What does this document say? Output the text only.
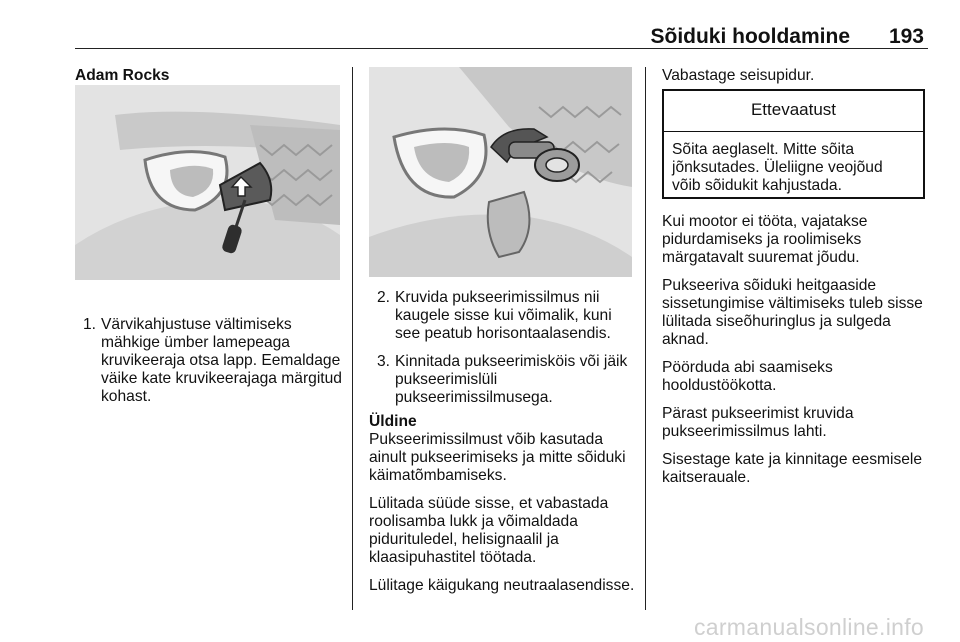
Sõiduki hooldamine 193
Adam Rocks
1. Värvikahjustuse vältimiseks mähkige ümber lamepeaga kruvikeeraja otsa lapp. Eemaldage väike kate kruvikeerajaga märgitud kohast.
2. Kruvida pukseerimissilmus nii kaugele sisse kui võimalik, kuni see peatub horisontaalasendis.
3. Kinnitada pukseerimisköis või jäik pukseerimislüli pukseerimissilmusega.
Üldine

Pukseerimissilmust võib kasutada ainult pukseerimiseks ja mitte sõiduki käimatõmbamiseks.

Lülitada süüde sisse, et vabastada roolisamba lukk ja võimaldada pidurituledel, helisignaalil ja klaasipuhastitel töötada.

Lülitage käigukang neutraalasendisse.

Vabastage seisupidur.

Ettevaatust
Sõita aeglaselt. Mitte sõita jõnksutades. Üleliigne veojõud võib sõidukit kahjustada.

Kui mootor ei tööta, vajatakse pidurdamiseks ja roolimiseks märgatavalt suuremat jõudu.

Pukseeriva sõiduki heitgaaside sissetungimise vältimiseks tuleb sisse lülitada siseõhuringlus ja sulgeda aknad.

Pöörduda abi saamiseks hooldustöökotta.

Pärast pukseerimist kruvida pukseerimissilmus lahti.

Sisestage kate ja kinnitage eesmisele kaitserauale.

carmanualsonline.info
